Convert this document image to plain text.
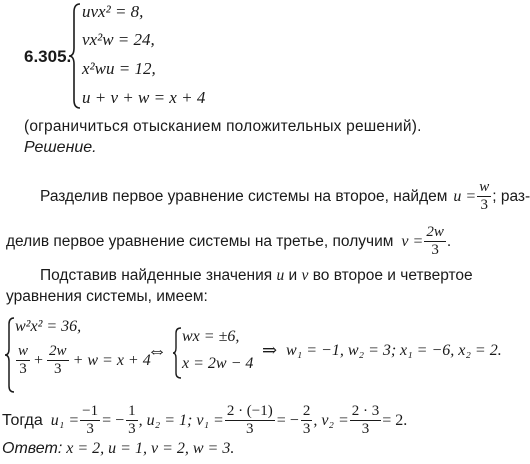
6.305.
uvx² = 8,
vx²w = 24,
x²wu = 12,
u + v + w = x + 4
(ограничиться отысканием положительных решений).
Решение.
Разделив первое уравнение системы на второе, найдем $u = \frac{w}{3}$ ; раз-
делив первое уравнение системы на третье, получим $v = \frac{2w}{3}$ .
Подставив найденные значения u и v во второе и четвертое
уравнения системы, имеем:
w²x² = 36,
$\frac{w}{3} + \frac{2w}{3} + w = x + 4$
⇔
wx = ±6,
x = 2w − 4
⇒ w₁ = −1, w₂ = 3; x₁ = −6, x₂ = 2.
Тогда $u_1 = \frac{-1}{3}$ = − $\frac{1}{3}$ , u₂ = 1; $v_1 = \frac{2 \cdot (-1)}{3}$ = − $\frac{2}{3}$ , $v_2 = \frac{2 \cdot 3}{3} = 2$.
Ответ: x = 2, u = 1, v = 2, w = 3.
